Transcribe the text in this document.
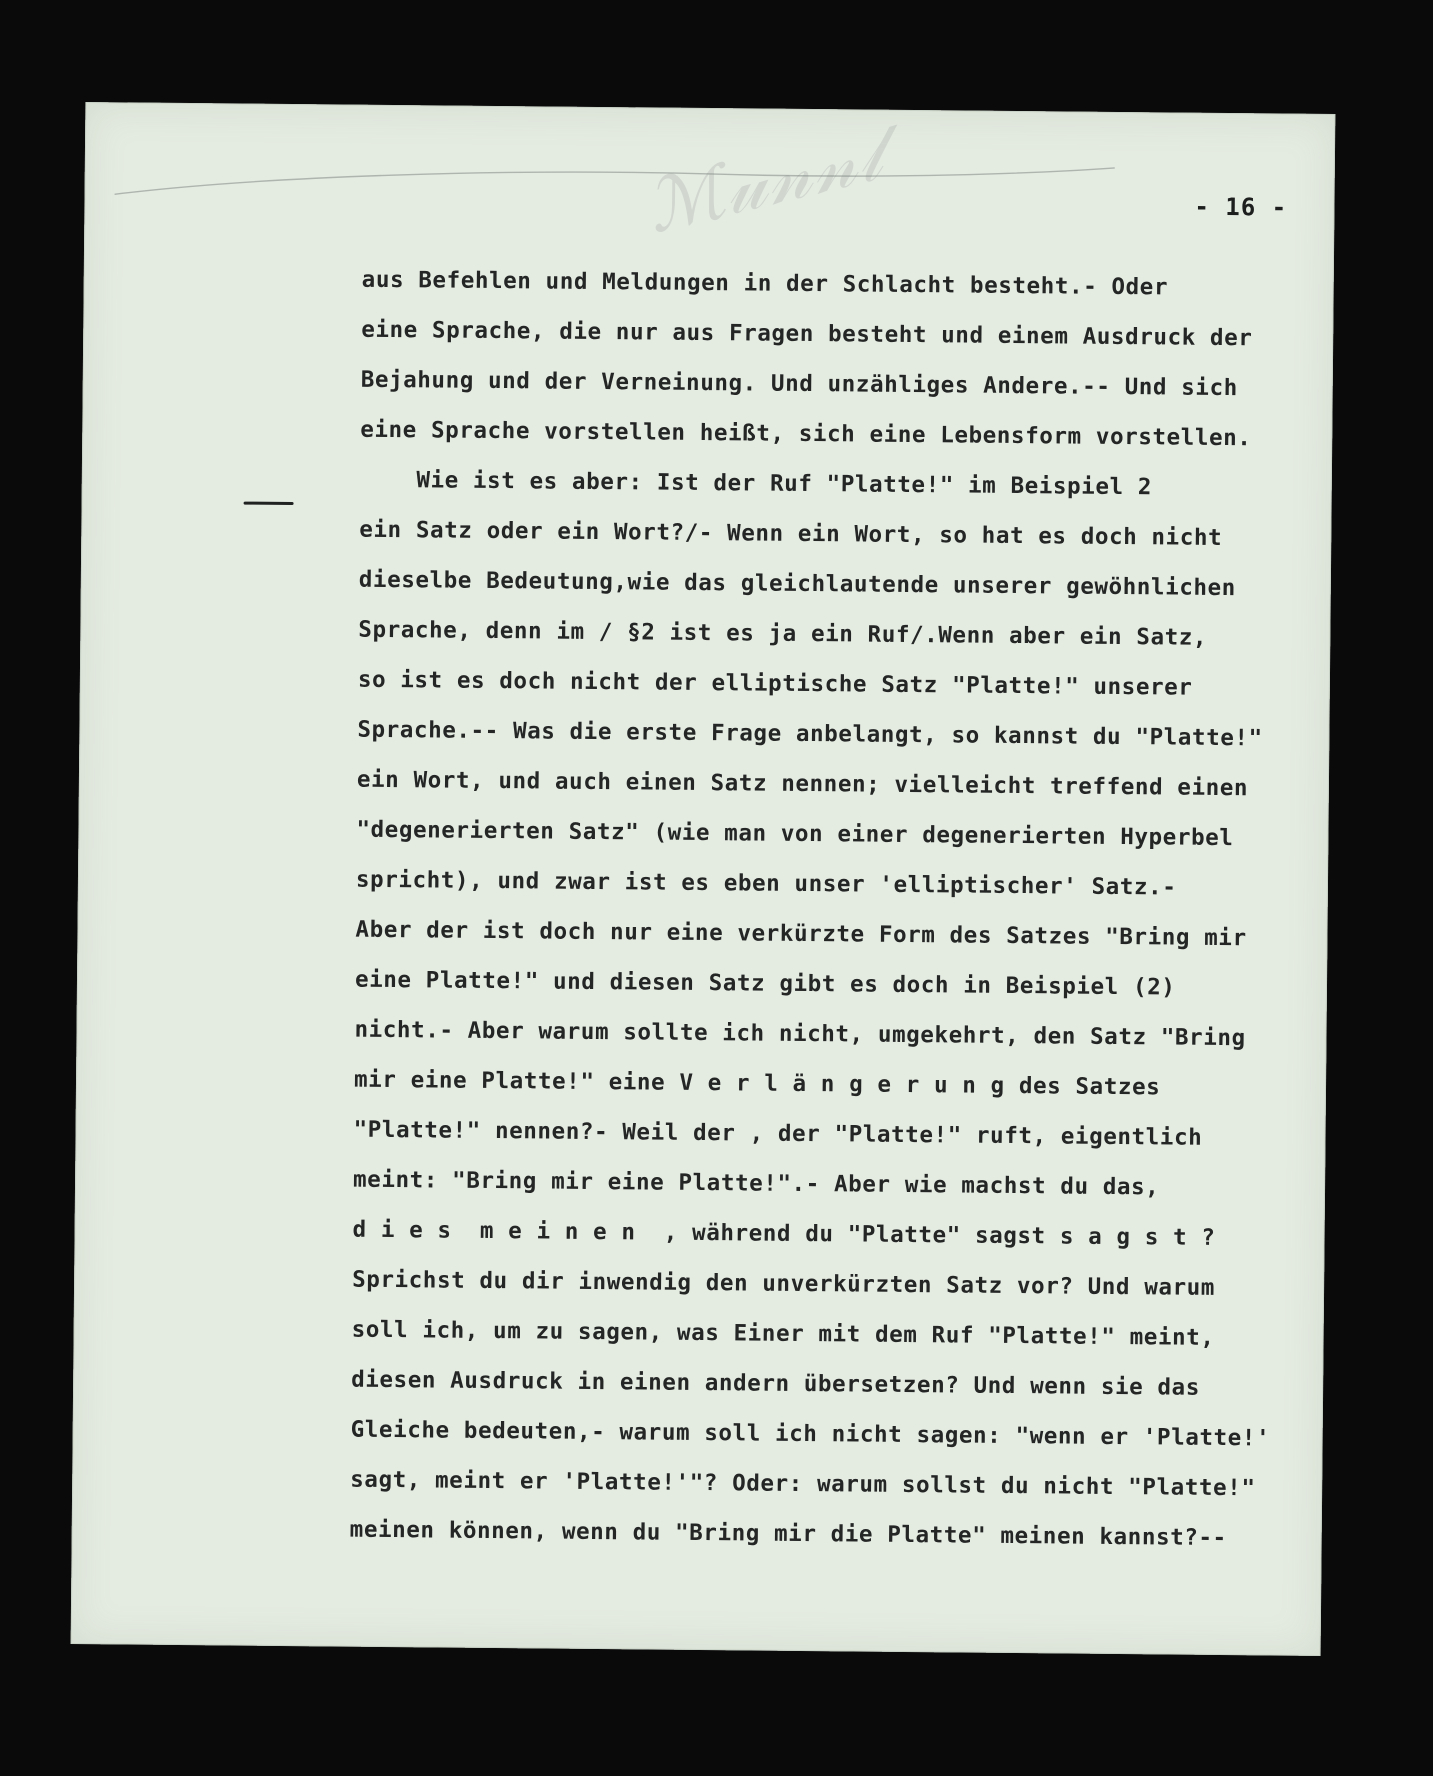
ℳ𝓊𝓃𝓃𝓁	- 16 -
aus Befehlen und Meldungen in der Schlacht besteht.- Oder
eine Sprache, die nur aus Fragen besteht und einem Ausdruck der
Bejahung und der Verneinung. Und unzähliges Andere.-- Und sich
eine Sprache vorstellen heißt, sich eine Lebensform vorstellen.
Wie ist es aber: Ist der Ruf "Platte!" im Beispiel 2
ein Satz oder ein Wort?/- Wenn ein Wort, so hat es doch nicht
dieselbe Bedeutung,wie das gleichlautende unserer gewöhnlichen
Sprache, denn im / §2 ist es ja ein Ruf/.Wenn aber ein Satz,
so ist es doch nicht der elliptische Satz "Platte!" unserer
Sprache.-- Was die erste Frage anbelangt, so kannst du "Platte!"
ein Wort, und auch einen Satz nennen; vielleicht treffend einen
"degenerierten Satz" (wie man von einer degenerierten Hyperbel
spricht), und zwar ist es eben unser 'elliptischer' Satz.-
Aber der ist doch nur eine verkürzte Form des Satzes "Bring mir
eine Platte!" und diesen Satz gibt es doch in Beispiel (2)
nicht.- Aber warum sollte ich nicht, umgekehrt, den Satz "Bring
mir eine Platte!" eine V e r l ä n g e r u n g des Satzes
"Platte!" nennen?- Weil der , der "Platte!" ruft, eigentlich
meint: "Bring mir eine Platte!".- Aber wie machst du das,
d i e s  m e i n e n  , während du "Platte" sagst s a g s t ?
Sprichst du dir inwendig den unverkürzten Satz vor? Und warum
soll ich, um zu sagen, was Einer mit dem Ruf "Platte!" meint,
diesen Ausdruck in einen andern übersetzen? Und wenn sie das
Gleiche bedeuten,- warum soll ich nicht sagen: "wenn er 'Platte!'
sagt, meint er 'Platte!'"? Oder: warum sollst du nicht "Platte!"
meinen können, wenn du "Bring mir die Platte" meinen kannst?--
